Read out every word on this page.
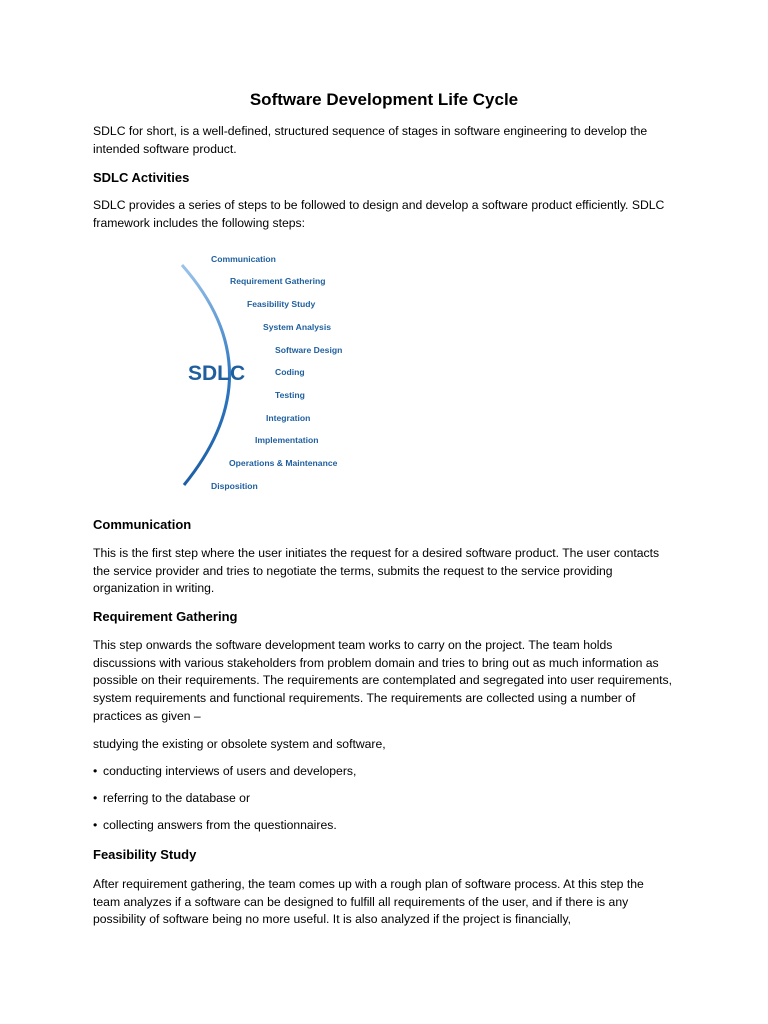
Software Development Life Cycle

SDLC for short, is a well-defined, structured sequence of stages in software engineering to develop the intended software product.

SDLC Activities

SDLC provides a series of steps to be followed to design and develop a software product efficiently. SDLC framework includes the following steps:

SDLC
Communication
Requirement Gathering
Feasibility Study
System Analysis
Software Design
Coding
Testing
Integration
Implementation
Operations & Maintenance
Disposition
Communication

This is the first step where the user initiates the request for a desired software product. The user contacts the service provider and tries to negotiate the terms, submits the request to the service providing organization in writing.

Requirement Gathering

This step onwards the software development team works to carry on the project. The team holds discussions with various stakeholders from problem domain and tries to bring out as much information as possible on their requirements. The requirements are contemplated and segregated into user requirements, system requirements and functional requirements. The requirements are collected using a number of practices as given –

studying the existing or obsolete system and software,

• conducting interviews of users and developers,

• referring to the database or

• collecting answers from the questionnaires.

Feasibility Study

After requirement gathering, the team comes up with a rough plan of software process. At this step the team analyzes if a software can be designed to fulfill all requirements of the user, and if there is any possibility of software being no more useful. It is also analyzed if the project is financially,
